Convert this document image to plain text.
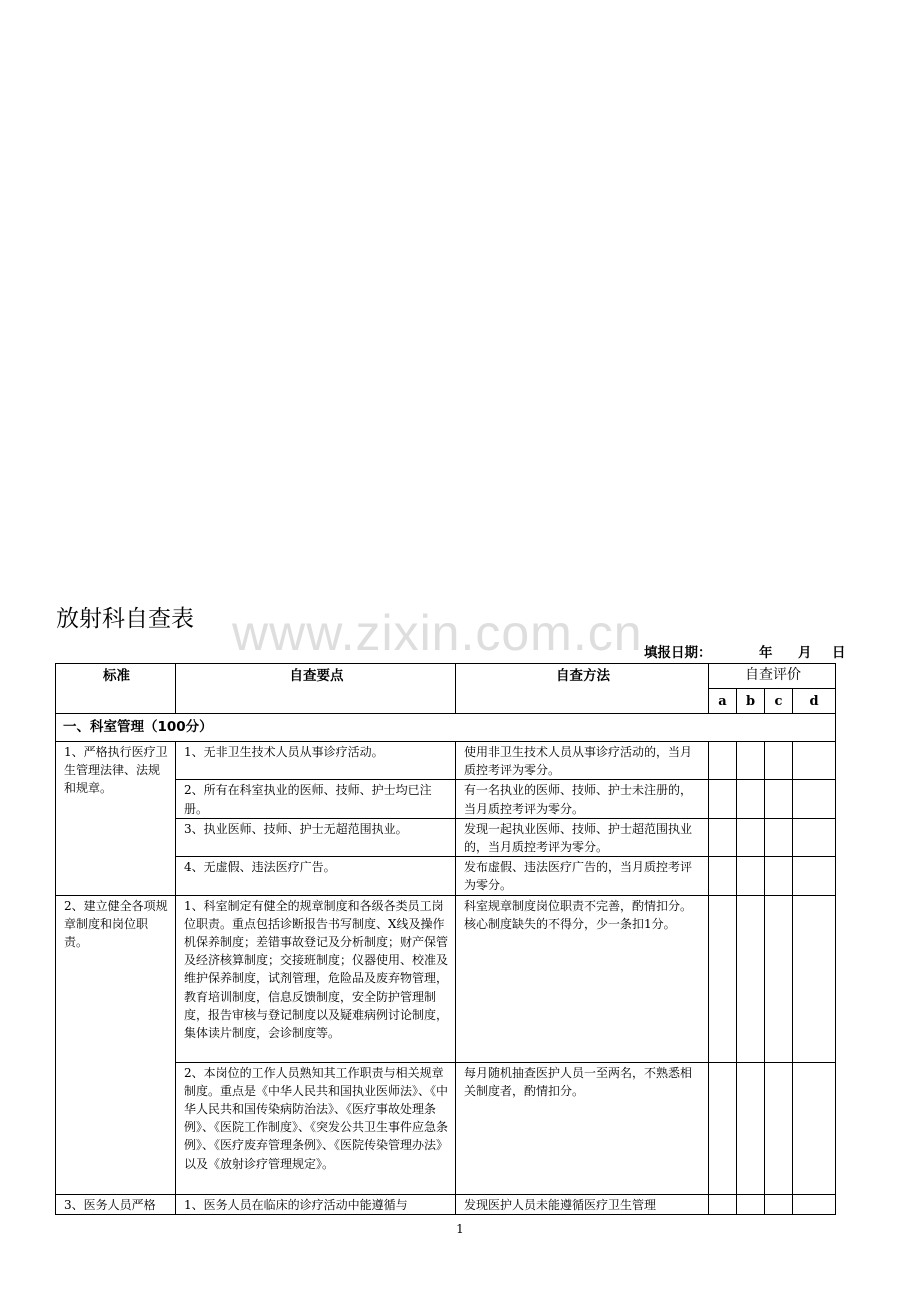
放射科自查表 www.zixin.com.cn 填报日期：	年 月 日
标准	自查要点	自查方法	自查评价			
			a	b	c	d
一、科室管理（100分）						
1、严格执行医疗卫生管理法律、法规和规章。	1、无非卫生技术人员从事诊疗活动。	使用非卫生技术人员从事诊疗活动的，当月质控考评为零分。				
	2、所有在科室执业的医师、技师、护士均已注册。	有一名执业的医师、技师、护士未注册的，当月质控考评为零分。				
	3、执业医师、技师、护士无超范围执业。	发现一起执业医师、技师、护士超范围执业的，当月质控考评为零分。				
	4、无虚假、违法医疗广告。	发布虚假、违法医疗广告的，当月质控考评为零分。				
2、建立健全各项规章制度和岗位职责。	1、科室制定有健全的规章制度和各级各类员工岗位职责。重点包括诊断报告书写制度、X线及操作机保养制度；差错事故登记及分析制度；财产保管及经济核算制度；交接班制度；仪器使用、校准及维护保养制度，试剂管理，危险品及废弃物管理，教育培训制度，信息反馈制度，安全防护管理制度，报告审核与登记制度以及疑难病例讨论制度，集体读片制度，会诊制度等。	科室规章制度岗位职责不完善，酌情扣分。核心制度缺失的不得分，少一条扣1分。				
	2、本岗位的工作人员熟知其工作职责与相关规章制度。重点是《中华人民共和国执业医师法》、《中华人民共和国传染病防治法》、《医疗事故处理条例》、《医院工作制度》、《突发公共卫生事件应急条例》、《医疗废弃管理条例》、《医院传染管理办法》以及《放射诊疗管理规定》。	每月随机抽查医护人员一至两名，不熟悉相关制度者，酌情扣分。				
3、医务人员严格	1、医务人员在临床的诊疗活动中能遵循与	发现医护人员未能遵循医疗卫生管理				
1
